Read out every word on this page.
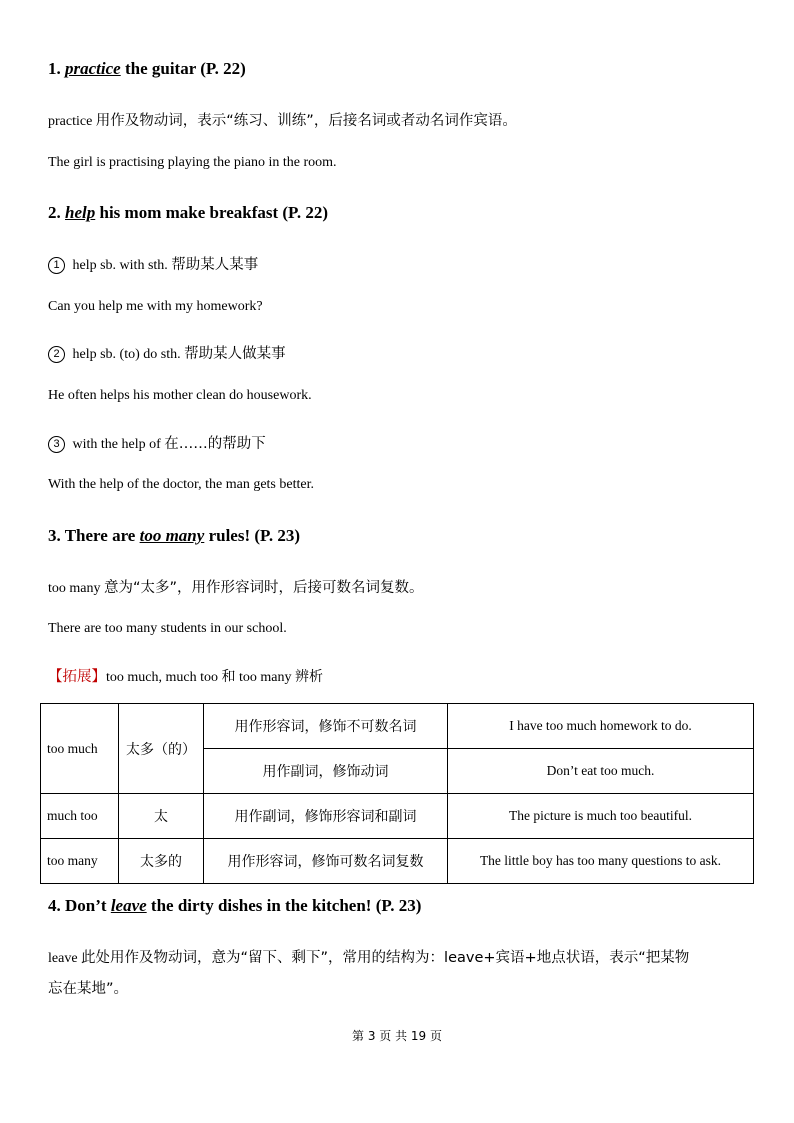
1. practice the guitar (P. 22)
practice 用作及物动词，表示“练习、训练”，后接名词或者动名词作宾语。
The girl is practising playing the piano in the room.
2. help his mom make breakfast (P. 22)
1 help sb. with sth. 帮助某人某事
Can you help me with my homework?
2 help sb. (to) do sth. 帮助某人做某事
He often helps his mother clean do housework.
3 with the help of 在……的帮助下
With the help of the doctor, the man gets better.
3. There are too many rules! (P. 23)
too many 意为“太多”，用作形容词时，后接可数名词复数。
There are too many students in our school.
【拓展】too much, much too 和 too many 辨析
too much	太多（的）	用作形容词，修饰不可数名词	I have too much homework to do.
		用作副词，修饰动词	Don’t eat too much.
much too	太	用作副词，修饰形容词和副词	The picture is much too beautiful.
too many	太多的	用作形容词，修饰可数名词复数	The little boy has too many questions to ask.
4. Don’t leave the dirty dishes in the kitchen! (P. 23)
leave 此处用作及物动词，意为“留下、剩下”，常用的结构为：leave+宾语+地点状语，表示“把某物
忘在某地”。
第 3 页 共 19 页
